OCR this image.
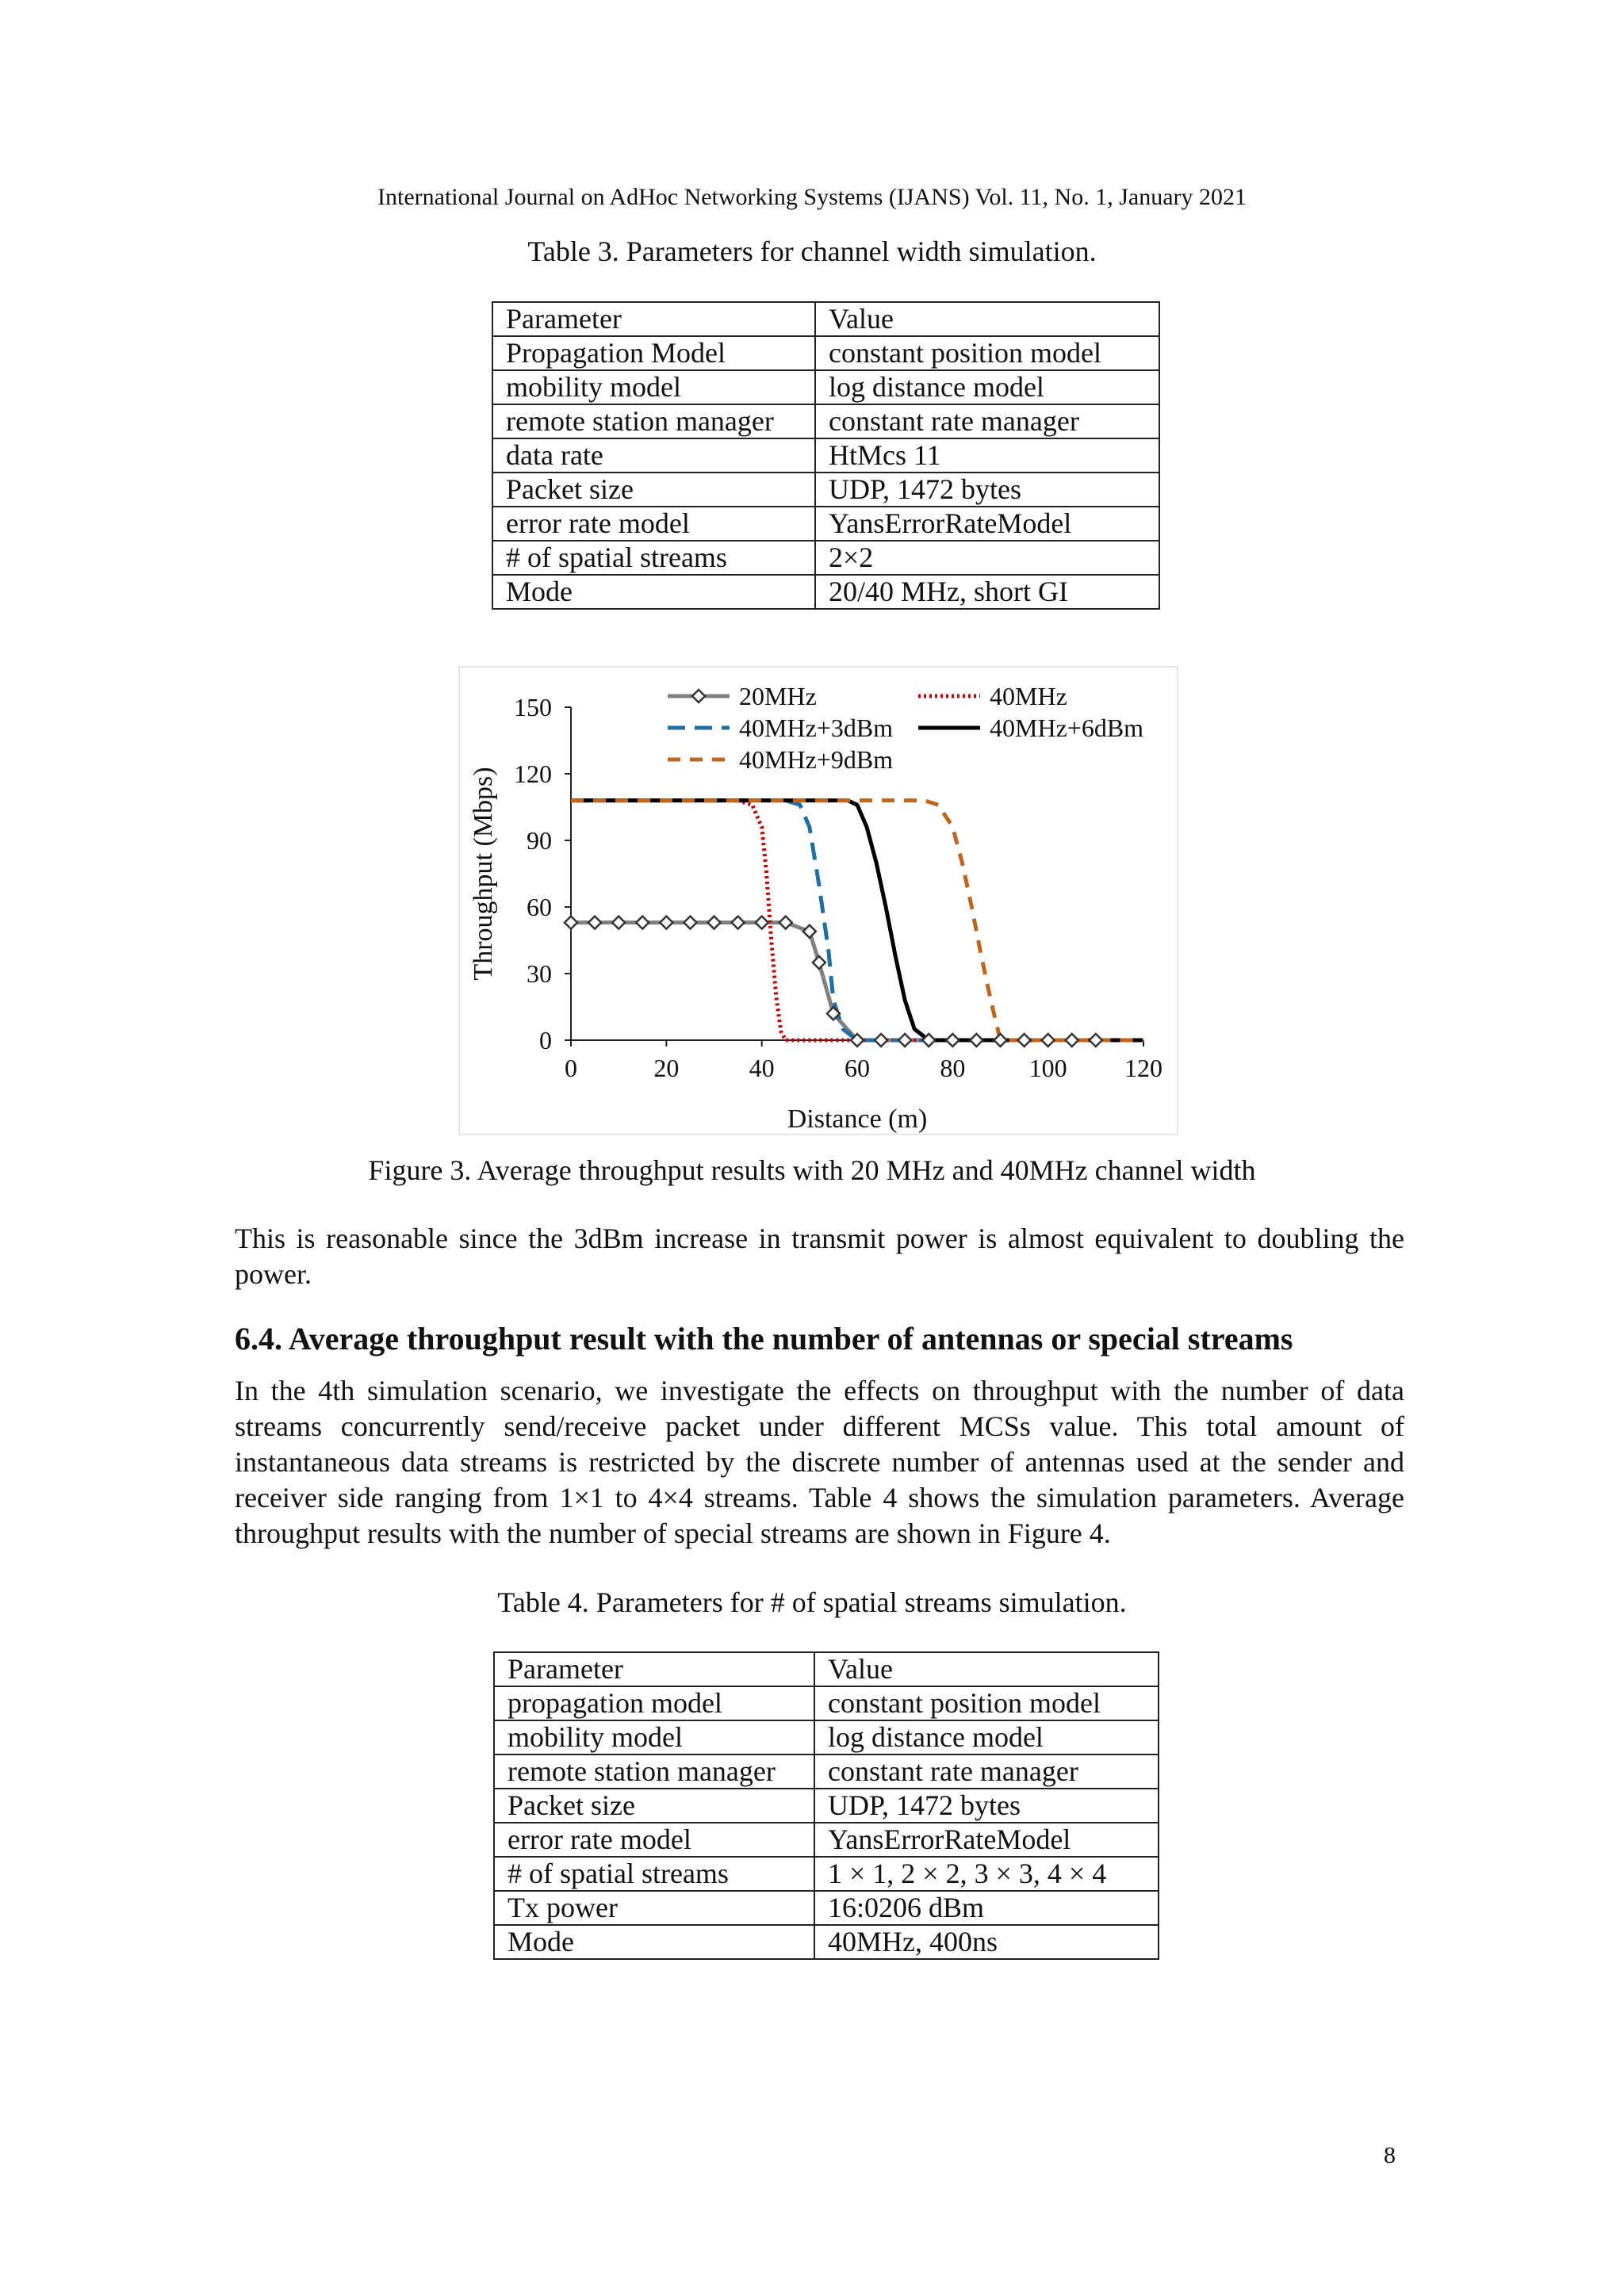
International Journal on AdHoc Networking Systems (IJANS) Vol. 11, No. 1, January 2021
Table 3. Parameters for channel width simulation.
Parameter	Value
Propagation Model	constant position model
mobility model	log distance model
remote station manager	constant rate manager
data rate	HtMcs 11
Packet size	UDP, 1472 bytes
error rate model	YansErrorRateModel
# of spatial streams	2×2
Mode	20/40 MHz, short GI
0
30
60
90
120
150
0	20	40	60	80	100 120
Distance (m)
Throughput (Mbps)
20MHz	40MHz
40MHz+3dBm	40MHz+6dBm
40MHz+9dBm
Figure 3. Average throughput results with 20 MHz and 40MHz channel width
This is reasonable since the 3dBm increase in transmit power is almost equivalent to doubling the power.
6.4. Average throughput result with the number of antennas or special streams
In the 4th simulation scenario, we investigate the effects on throughput with the number of data streams concurrently send/receive packet under different MCSs value. This total amount of instantaneous data streams is restricted by the discrete number of antennas used at the sender and receiver side ranging from 1×1 to 4×4 streams. Table 4 shows the simulation parameters. Average throughput results with the number of special streams are shown in Figure 4.
Table 4. Parameters for # of spatial streams simulation.
Parameter	Value
propagation model	constant position model
mobility model	log distance model
remote station manager	constant rate manager
Packet size	UDP, 1472 bytes
error rate model	YansErrorRateModel
# of spatial streams	1 × 1, 2 × 2, 3 × 3, 4 × 4
Tx power	16:0206 dBm
Mode	40MHz, 400ns
8
